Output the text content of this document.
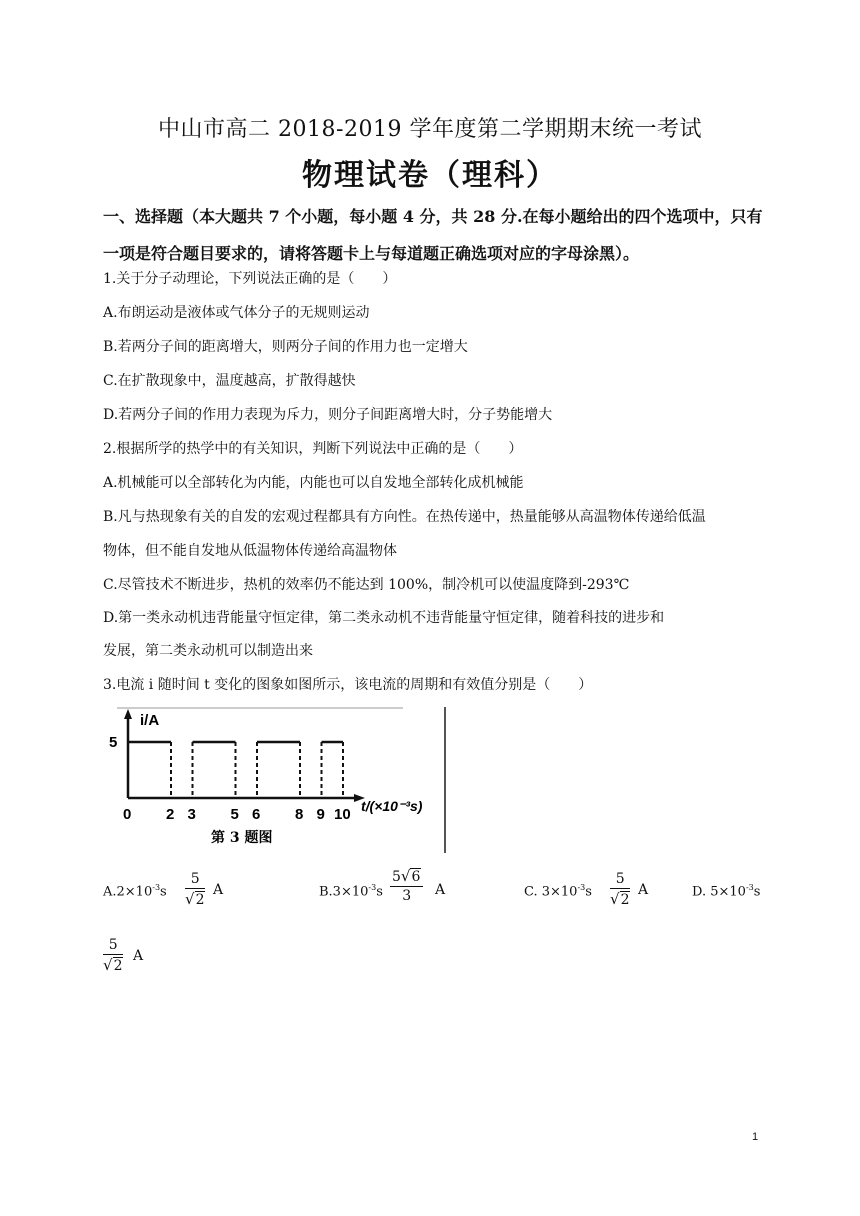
中山市高二 2018-2019 学年度第二学期期末统一考试
物理试卷（理科）
一、选择题（本大题共 7 个小题，每小题 4 分，共 28 分.在每小题给出的四个选项中，只有一项是符合题目要求的，请将答题卡上与每道题正确选项对应的字母涂黑）。
1.关于分子动理论，下列说法正确的是（　　）
A.布朗运动是液体或气体分子的无规则运动
B.若两分子间的距离增大，则两分子间的作用力也一定增大
C.在扩散现象中，温度越高，扩散得越快
D.若两分子间的作用力表现为斥力，则分子间距离增大时，分子势能增大
2.根据所学的热学中的有关知识，判断下列说法中正确的是（　　）
A.机械能可以全部转化为内能，内能也可以自发地全部转化成机械能
B.凡与热现象有关的自发的宏观过程都具有方向性。在热传递中，热量能够从高温物体传递给低温
物体，但不能自发地从低温物体传递给高温物体
C.尽管技术不断进步，热机的效率仍不能达到 100%，制冷机可以使温度降到-293℃
D.第一类永动机违背能量守恒定律，第二类永动机不违背能量守恒定律，随着科技的进步和
发展，第二类永动机可以制造出来
3.电流 i 随时间 t 变化的图象如图所示，该电流的周期和有效值分别是（　　）
i/A
5
t/(×10⁻³s)
0 2 3 5 6 8 9 10
第 3 题图
$A.2\times 10^{-3}s$
5
√2
A	$B.3\times 10^{-3}s$
5√6
3	A	C. $3\times 10^{-3}s$
5
√2
A	D. $5\times 10^{-3}s$
5
√2
A
1
